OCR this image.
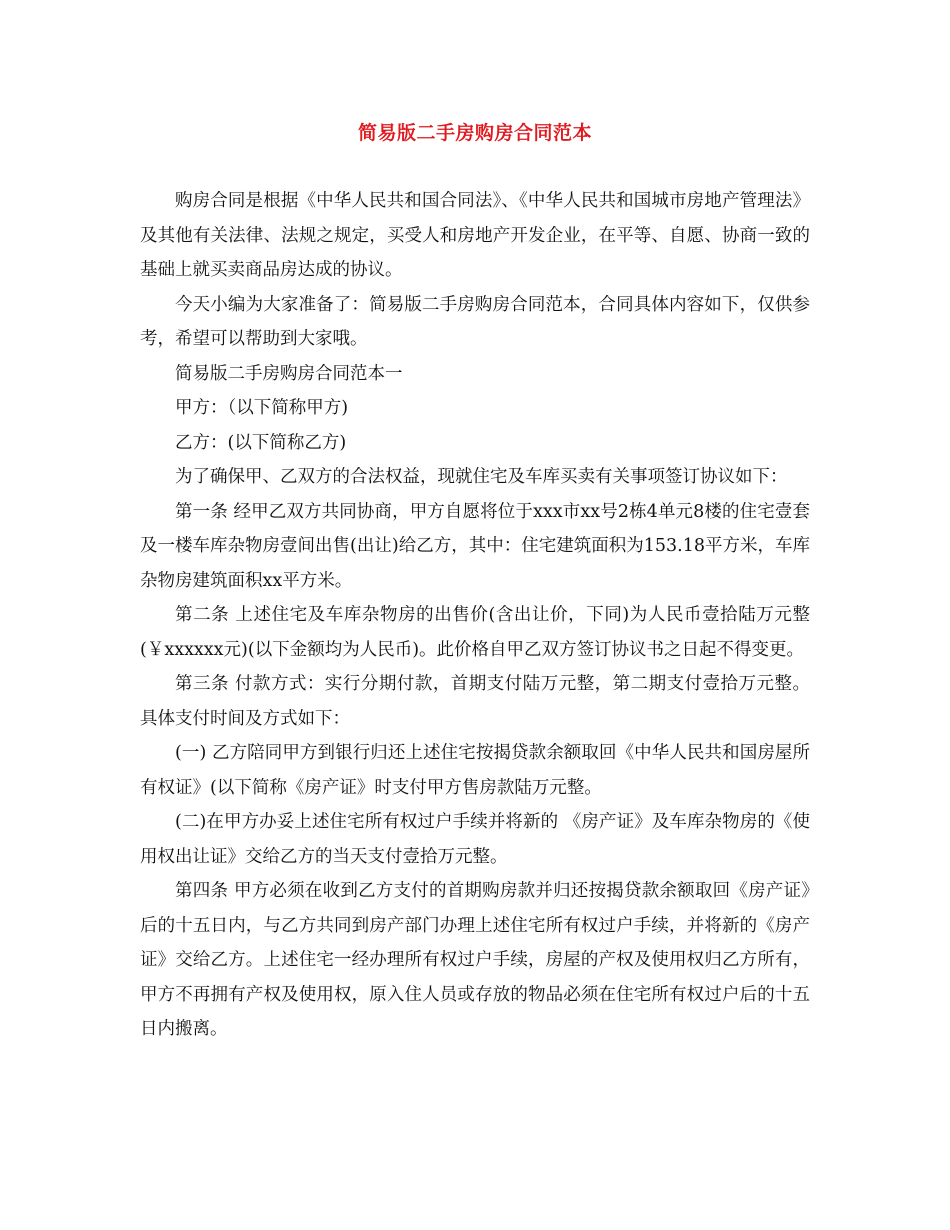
简易版二手房购房合同范本

购房合同是根据《中华人民共和国合同法》、《中华人民共和国城市房地产管理法》及其他有关法律、法规之规定，买受人和房地产开发企业，在平等、自愿、协商一致的基础上就买卖商品房达成的协议。

今天小编为大家准备了：简易版二手房购房合同范本，合同具体内容如下，仅供参考，希望可以帮助到大家哦。

简易版二手房购房合同范本一

甲方：（以下简称甲方)

乙方：(以下简称乙方)

为了确保甲、乙双方的合法权益，现就住宅及车库买卖有关事项签订协议如下：

第一条 经甲乙双方共同协商，甲方自愿将位于xxx市xx号2栋4单元8楼的住宅壹套及一楼车库杂物房壹间出售(出让)给乙方，其中：住宅建筑面积为153.18平方米，车库杂物房建筑面积xx平方米。

第二条 上述住宅及车库杂物房的出售价(含出让价，下同)为人民币壹拾陆万元整(￥xxxxxx元)(以下金额均为人民币)。此价格自甲乙双方签订协议书之日起不得变更。

第三条 付款方式：实行分期付款，首期支付陆万元整，第二期支付壹拾万元整。具体支付时间及方式如下：

(一) 乙方陪同甲方到银行归还上述住宅按揭贷款余额取回《中华人民共和国房屋所有权证》(以下简称《房产证》时支付甲方售房款陆万元整。

(二)在甲方办妥上述住宅所有权过户手续并将新的 《房产证》及车库杂物房的《使用权出让证》交给乙方的当天支付壹拾万元整。

第四条 甲方必须在收到乙方支付的首期购房款并归还按揭贷款余额取回《房产证》后的十五日内，与乙方共同到房产部门办理上述住宅所有权过户手续，并将新的《房产证》交给乙方。上述住宅一经办理所有权过户手续，房屋的产权及使用权归乙方所有，甲方不再拥有产权及使用权，原入住人员或存放的物品必须在住宅所有权过户后的十五日内搬离。
